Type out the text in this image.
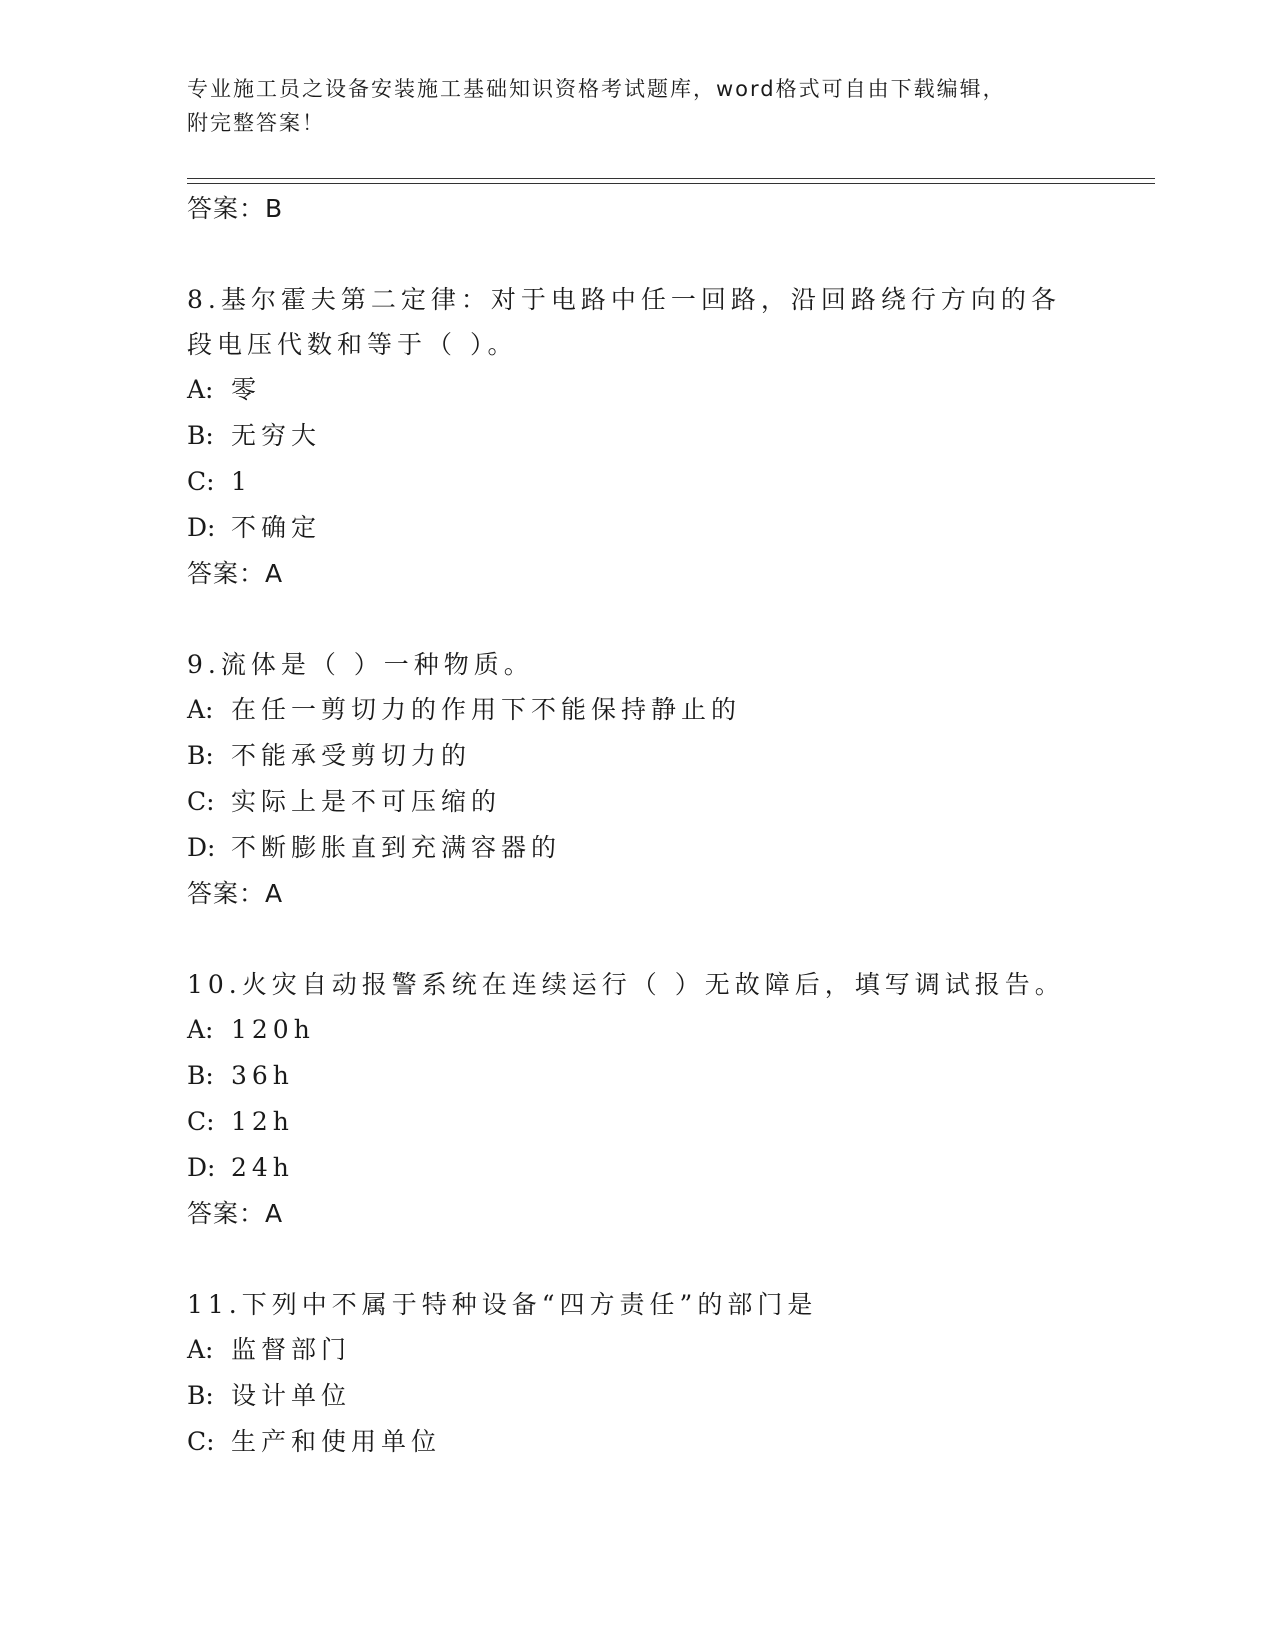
专业施工员之设备安装施工基础知识资格考试题库，word格式可自由下载编辑，
附完整答案！
答案：B
8.基尔霍夫第二定律：对于电路中任一回路，沿回路绕行方向的各段电压代数和等于（ ）。
A: 零
B: 无穷大
C: 1
D: 不确定
答案：A
9.流体是（ ）一种物质。
A: 在任一剪切力的作用下不能保持静止的
B: 不能承受剪切力的
C: 实际上是不可压缩的
D: 不断膨胀直到充满容器的
答案：A
10.火灾自动报警系统在连续运行（ ）无故障后，填写调试报告。
A: 120h
B: 36h
C: 12h
D: 24h
答案：A
11.下列中不属于特种设备“四方责任”的部门是
A: 监督部门
B: 设计单位
C: 生产和使用单位
